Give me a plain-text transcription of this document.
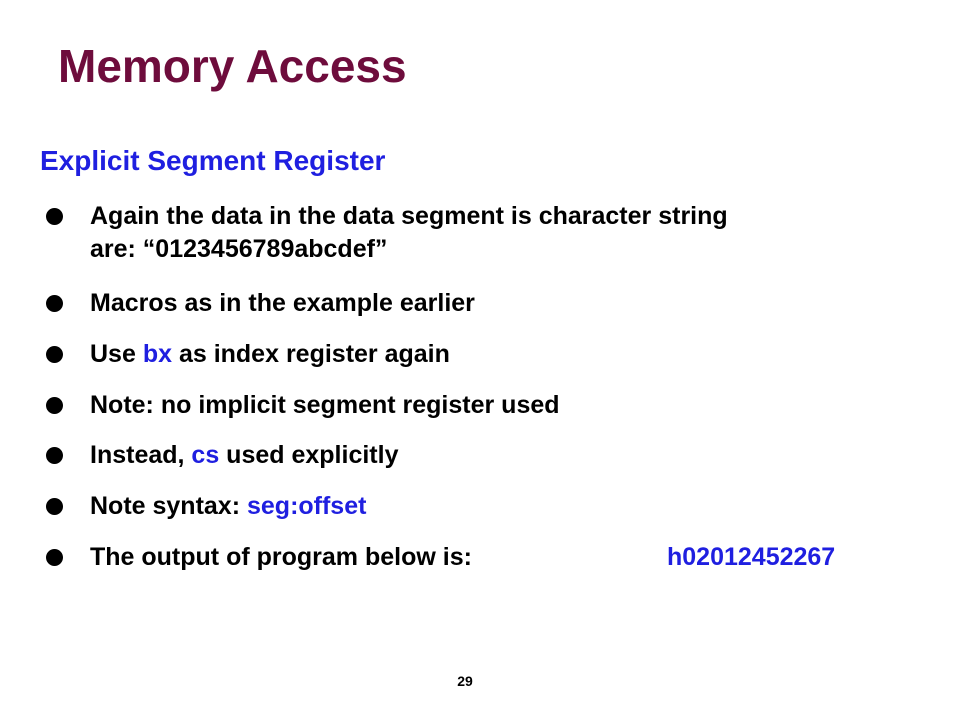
Memory Access
Explicit Segment Register
Again the data in the data segment is character string
are: “0123456789abcdef”
Macros as in the example earlier
Use bx as index register again
Note: no implicit segment register used
Instead, cs used explicitly
Note syntax: seg:offset
The output of program below is:	h02012452267
29
